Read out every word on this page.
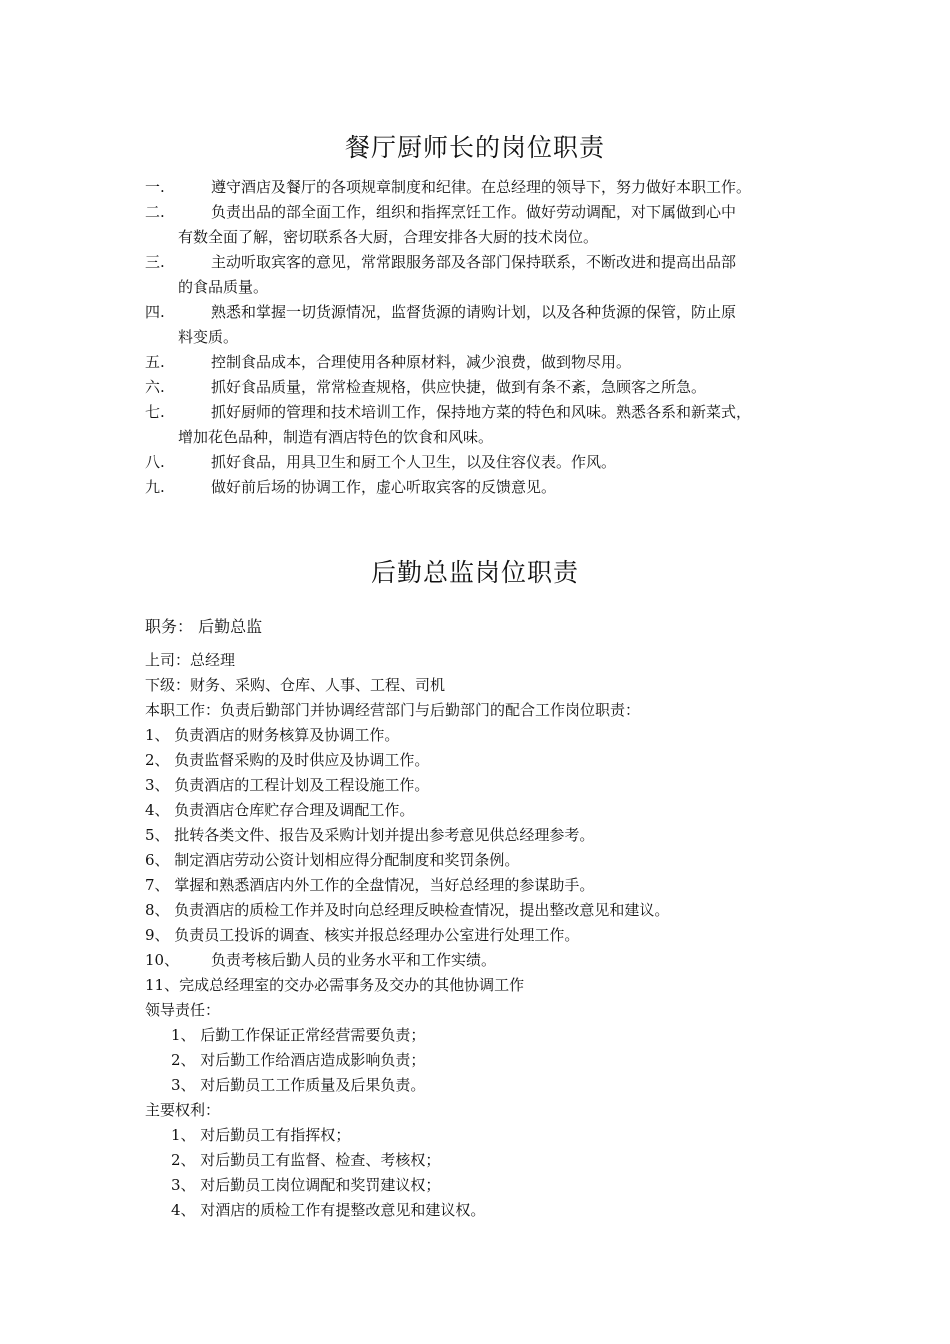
餐厅厨师长的岗位职责
一.	遵守酒店及餐厅的各项规章制度和纪律。在总经理的领导下，努力做好本职工作。
二.	负责出品的部全面工作，组织和指挥烹饪工作。做好劳动调配，对下属做到心中
有数全面了解，密切联系各大厨，合理安排各大厨的技术岗位。
三.	主动听取宾客的意见，常常跟服务部及各部门保持联系，不断改进和提高出品部
的食品质量。
四.	熟悉和掌握一切货源情况，监督货源的请购计划，以及各种货源的保管，防止原
料变质。
五.	控制食品成本，合理使用各种原材料，减少浪费，做到物尽用。
六.	抓好食品质量，常常检查规格，供应快捷，做到有条不紊，急顾客之所急。
七.	抓好厨师的管理和技术培训工作，保持地方菜的特色和风味。熟悉各系和新菜式，
增加花色品种，制造有酒店特色的饮食和风味。
八.	抓好食品，用具卫生和厨工个人卫生，以及住容仪表。作风。
九.	做好前后场的协调工作，虚心听取宾客的反馈意见。
后勤总监岗位职责
职务： 后勤总监
上司：总经理
下级：财务、采购、仓库、人事、工程、司机
本职工作：负责后勤部门并协调经营部门与后勤部门的配合工作岗位职责：
1、 负责酒店的财务核算及协调工作。
2、 负责监督采购的及时供应及协调工作。
3、 负责酒店的工程计划及工程设施工作。
4、 负责酒店仓库贮存合理及调配工作。
5、 批转各类文件、报告及采购计划并提出参考意见供总经理参考。
6、 制定酒店劳动公资计划相应得分配制度和奖罚条例。
7、 掌握和熟悉酒店内外工作的全盘情况，当好总经理的参谋助手。
8、 负责酒店的质检工作并及时向总经理反映检查情况，提出整改意见和建议。
9、 负责员工投诉的调查、核实并报总经理办公室进行处理工作。
10、 负责考核后勤人员的业务水平和工作实绩。
11、完成总经理室的交办必需事务及交办的其他协调工作
领导责任：
1、 后勤工作保证正常经营需要负责；
2、 对后勤工作给酒店造成影响负责；
3、 对后勤员工工作质量及后果负责。
主要权利：
1、 对后勤员工有指挥权；
2、 对后勤员工有监督、检查、考核权；
3、 对后勤员工岗位调配和奖罚建议权；
4、 对酒店的质检工作有提整改意见和建议权。
